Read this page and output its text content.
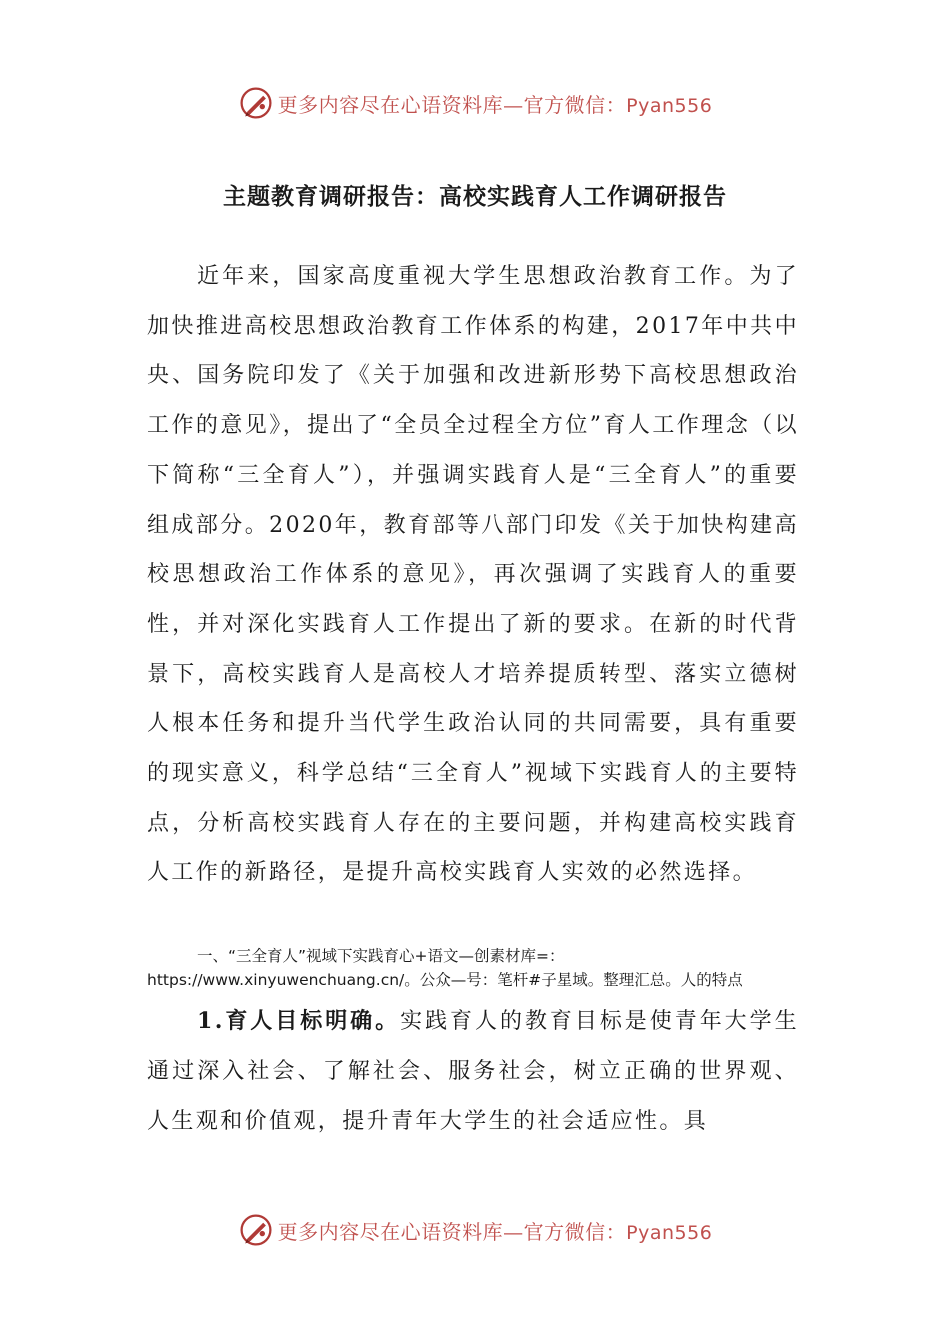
更多内容尽在心语资料库—官方微信：Pyan556
主题教育调研报告：高校实践育人工作调研报告

近年来，国家高度重视大学生思想政治教育工作。为了加快推进高校思想政治教育工作体系的构建，2017年中共中央、国务院印发了《关于加强和改进新形势下高校思想政治工作的意见》，提出了“全员全过程全方位”育人工作理念（以下简称“三全育人”），并强调实践育人是“三全育人”的重要组成部分。2020年，教育部等八部门印发《关于加快构建高校思想政治工作体系的意见》，再次强调了实践育人的重要性，并对深化实践育人工作提出了新的要求。在新的时代背景下，高校实践育人是高校人才培养提质转型、落实立德树人根本任务和提升当代学生政治认同的共同需要，具有重要的现实意义，科学总结“三全育人”视域下实践育人的主要特点，分析高校实践育人存在的主要问题，并构建高校实践育人工作的新路径，是提升高校实践育人实效的必然选择。

一、“三全育人”视域下实践育心+语文—创素材库=：https://www.xinyuwenchuang.cn/。公众—号：笔杆#子星域。整理汇总。人的特点

1.育人目标明确。实践育人的教育目标是使青年大学生通过深入社会、了解社会、服务社会，树立正确的世界观、人生观和价值观，提升青年大学生的社会适应性。具

更多内容尽在心语资料库—官方微信：Pyan556
